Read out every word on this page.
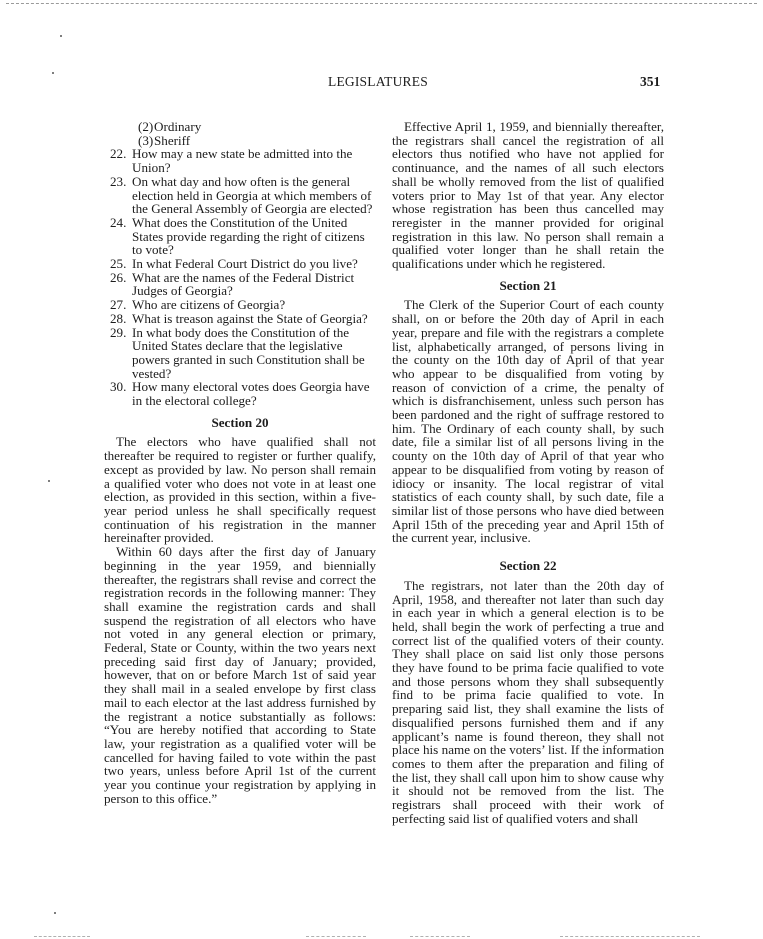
LEGISLATURES	351
(2) Ordinary
(3) Sheriff
22. How may a new state be admitted into the Union?
23. On what day and how often is the general election held in Georgia at which members of the General Assembly of Georgia are elected?
24. What does the Constitution of the United States provide regarding the right of citizens to vote?
25. In what Federal Court District do you live?
26. What are the names of the Federal District Judges of Georgia?
27. Who are citizens of Georgia?
28. What is treason against the State of Georgia?
29. In what body does the Constitution of the United States declare that the legislative powers granted in such Constitution shall be vested?
30. How many electoral votes does Georgia have in the electoral college?
Section 20

The electors who have qualified shall not thereafter be required to register or further qualify, except as provided by law. No person shall remain a qualified voter who does not vote in at least one election, as provided in this section, within a five-year period unless he shall specifically request continuation of his registration in the manner hereinafter provided.

Within 60 days after the first day of January beginning in the year 1959, and biennially thereafter, the registrars shall revise and correct the registration records in the following manner: They shall examine the registration cards and shall suspend the registration of all electors who have not voted in any general election or primary, Federal, State or County, within the two years next preceding said first day of January; provided, however, that on or before March 1st of said year they shall mail in a sealed envelope by first class mail to each elector at the last address furnished by the registrant a notice substantially as follows: “You are hereby notified that according to State law, your registration as a qualified voter will be cancelled for having failed to vote within the past two years, unless before April 1st of the current year you continue your registration by applying in person to this office.”

Effective April 1, 1959, and biennially thereafter, the registrars shall cancel the registration of all electors thus notified who have not applied for continuance, and the names of all such electors shall be wholly removed from the list of qualified voters prior to May 1st of that year. Any elector whose registration has been thus cancelled may reregister in the manner provided for original registration in this law. No person shall remain a qualified voter longer than he shall retain the qualifications under which he registered.

Section 21

The Clerk of the Superior Court of each county shall, on or before the 20th day of April in each year, prepare and file with the registrars a complete list, alphabetically arranged, of persons living in the county on the 10th day of April of that year who appear to be disqualified from voting by reason of conviction of a crime, the penalty of which is disfranchisement, unless such person has been pardoned and the right of suffrage restored to him. The Ordinary of each county shall, by such date, file a similar list of all persons living in the county on the 10th day of April of that year who appear to be disqualified from voting by reason of idiocy or insanity. The local registrar of vital statistics of each county shall, by such date, file a similar list of those persons who have died between April 15th of the preceding year and April 15th of the current year, inclusive.

Section 22

The registrars, not later than the 20th day of April, 1958, and thereafter not later than such day in each year in which a general election is to be held, shall begin the work of perfecting a true and correct list of the qualified voters of their county. They shall place on said list only those persons they have found to be prima facie qualified to vote and those persons whom they shall subsequently find to be prima facie qualified to vote. In preparing said list, they shall examine the lists of disqualified persons furnished them and if any applicant’s name is found thereon, they shall not place his name on the voters’ list. If the information comes to them after the preparation and filing of the list, they shall call upon him to show cause why it should not be removed from the list. The registrars shall proceed with their work of perfecting said list of qualified voters and shall
